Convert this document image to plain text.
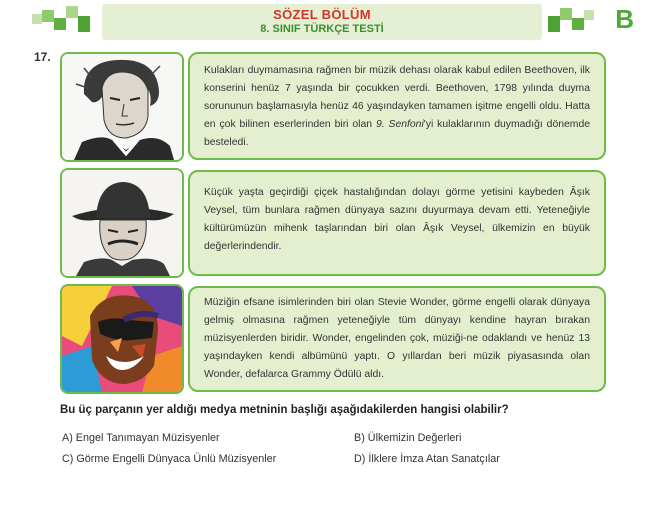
SÖZEL BÖLÜM
8. SINIF TÜRKÇE TESTİ	B
17.
Kulakları duymamasına rağmen bir müzik dehası olarak kabul edilen Beethoven, ilk konserini henüz 7 yaşında bir çocukken verdi. Beethoven, 1798 yılında duyma sorununun başlamasıyla henüz 46 yaşındayken tamamen işitme engelli oldu. Hatta en çok bilinen eserlerinden biri olan 9. Senfoni'yi kulaklarının duymadığı dönemde besteledi.
Küçük yaşta geçirdiği çiçek hastalığından dolayı görme yetisini kaybeden Âşık Veysel, tüm bunlara rağmen dünyaya sazını duyurmaya devam etti. Yeteneğiyle kültürümüzün mihenk taşlarından biri olan Âşık Veysel, ülkemizin en büyük değerlerindendir.
Müziğin efsane isimlerinden biri olan Stevie Wonder, görme engelli olarak dünyaya gelmiş olmasına rağmen yeteneğiyle tüm dünyayı kendine hayran bırakan müzisyenlerden biridir. Wonder, engelinden çok, müziği-ne odaklandı ve henüz 13 yaşındayken kendi albümünü yaptı. O yıllardan beri müzik piyasasında olan Wonder, defalarca Grammy Ödülü aldı.
Bu üç parçanın yer aldığı medya metninin başlığı aşağıdakilerden hangisi olabilir?
A) Engel Tanımayan Müzisyenler	B) Ülkemizin Değerleri
C) Görme Engelli Dünyaca Ünlü Müzisyenler	D) İlklere İmza Atan Sanatçılar
